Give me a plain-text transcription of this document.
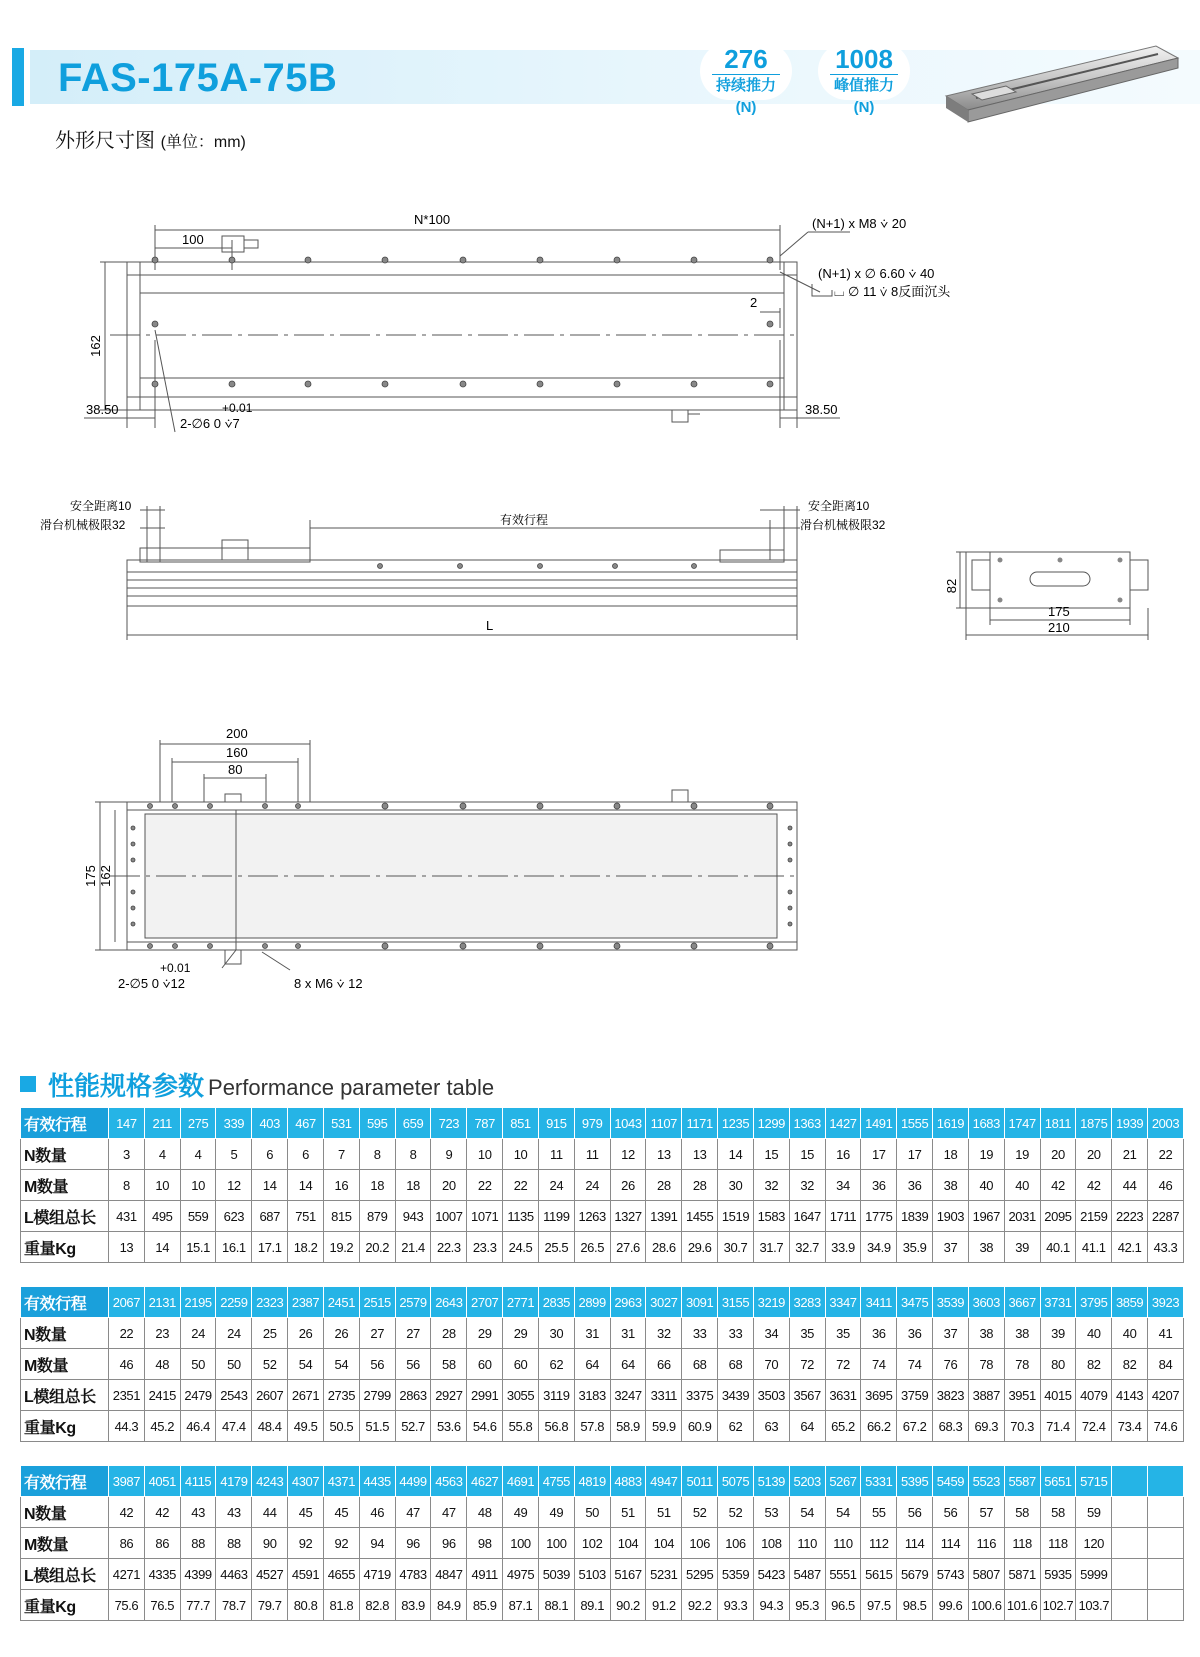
FAS-175A-75B	276
持续推力(N)
1008
峰值推力(N)
外形尺寸图 (单位：mm)
N*100
100
162
38.50	38.50
(N+1) x M8 ⩒ 20
(N+1) x ∅ 6.60 ⩒ 40
⌴ ∅ 11 ⩒ 8反面沉头
2
+0.01
2-∅6 0 ⩒7
安全距离10
滑台机械极限32	有效行程
安全距离10
滑台机械极限32
L
82
175
210
200
160
80
175 162
+0.01
2-∅5 0 ⩒12	8 x M6 ⩒ 12
性能规格参数 Performance parameter table
有效行程	147	211	275	339	403	467	531	595	659	723	787	851	915	979	1043	1107	1171	1235	1299	1363	1427	1491	1555	1619	1683	1747	1811	1875	1939	2003
N数量	3	4	4	5	6	6	7	8	8	9	10	10	11	11	12	13	13	14	15	15	16	17	17	18	19	19	20	20	21	22
M数量	8	10	10	12	14	14	16	18	18	20	22	22	24	24	26	28	28	30	32	32	34	36	36	38	40	40	42	42	44	46
L模组总长	431	495	559	623	687	751	815	879	943	1007	1071	1135	1199	1263	1327	1391	1455	1519	1583	1647	1711	1775	1839	1903	1967	2031	2095	2159	2223	2287
重量Kg	13	14	15.1	16.1	17.1	18.2	19.2	20.2	21.4	22.3	23.3	24.5	25.5	26.5	27.6	28.6	29.6	30.7	31.7	32.7	33.9	34.9	35.9	37	38	39	40.1	41.1	42.1	43.3
有效行程	2067	2131	2195	2259	2323	2387	2451	2515	2579	2643	2707	2771	2835	2899	2963	3027	3091	3155	3219	3283	3347	3411	3475	3539	3603	3667	3731	3795	3859	3923
N数量	22	23	24	24	25	26	26	27	27	28	29	29	30	31	31	32	33	33	34	35	35	36	36	37	38	38	39	40	40	41
M数量	46	48	50	50	52	54	54	56	56	58	60	60	62	64	64	66	68	68	70	72	72	74	74	76	78	78	80	82	82	84
L模组总长	2351	2415	2479	2543	2607	2671	2735	2799	2863	2927	2991	3055	3119	3183	3247	3311	3375	3439	3503	3567	3631	3695	3759	3823	3887	3951	4015	4079	4143	4207
重量Kg	44.3	45.2	46.4	47.4	48.4	49.5	50.5	51.5	52.7	53.6	54.6	55.8	56.8	57.8	58.9	59.9	60.9	62	63	64	65.2	66.2	67.2	68.3	69.3	70.3	71.4	72.4	73.4	74.6
有效行程	3987	4051	4115	4179	4243	4307	4371	4435	4499	4563	4627	4691	4755	4819	4883	4947	5011	5075	5139	5203	5267	5331	5395	5459	5523	5587	5651	5715		
N数量	42	42	43	43	44	45	45	46	47	47	48	49	49	50	51	51	52	52	53	54	54	55	56	56	57	58	58	59		
M数量	86	86	88	88	90	92	92	94	96	96	98	100	100	102	104	104	106	106	108	110	110	112	114	114	116	118	118	120		
L模组总长	4271	4335	4399	4463	4527	4591	4655	4719	4783	4847	4911	4975	5039	5103	5167	5231	5295	5359	5423	5487	5551	5615	5679	5743	5807	5871	5935	5999		
重量Kg	75.6	76.5	77.7	78.7	79.7	80.8	81.8	82.8	83.9	84.9	85.9	87.1	88.1	89.1	90.2	91.2	92.2	93.3	94.3	95.3	96.5	97.5	98.5	99.6	100.6	101.6	102.7	103.7		
